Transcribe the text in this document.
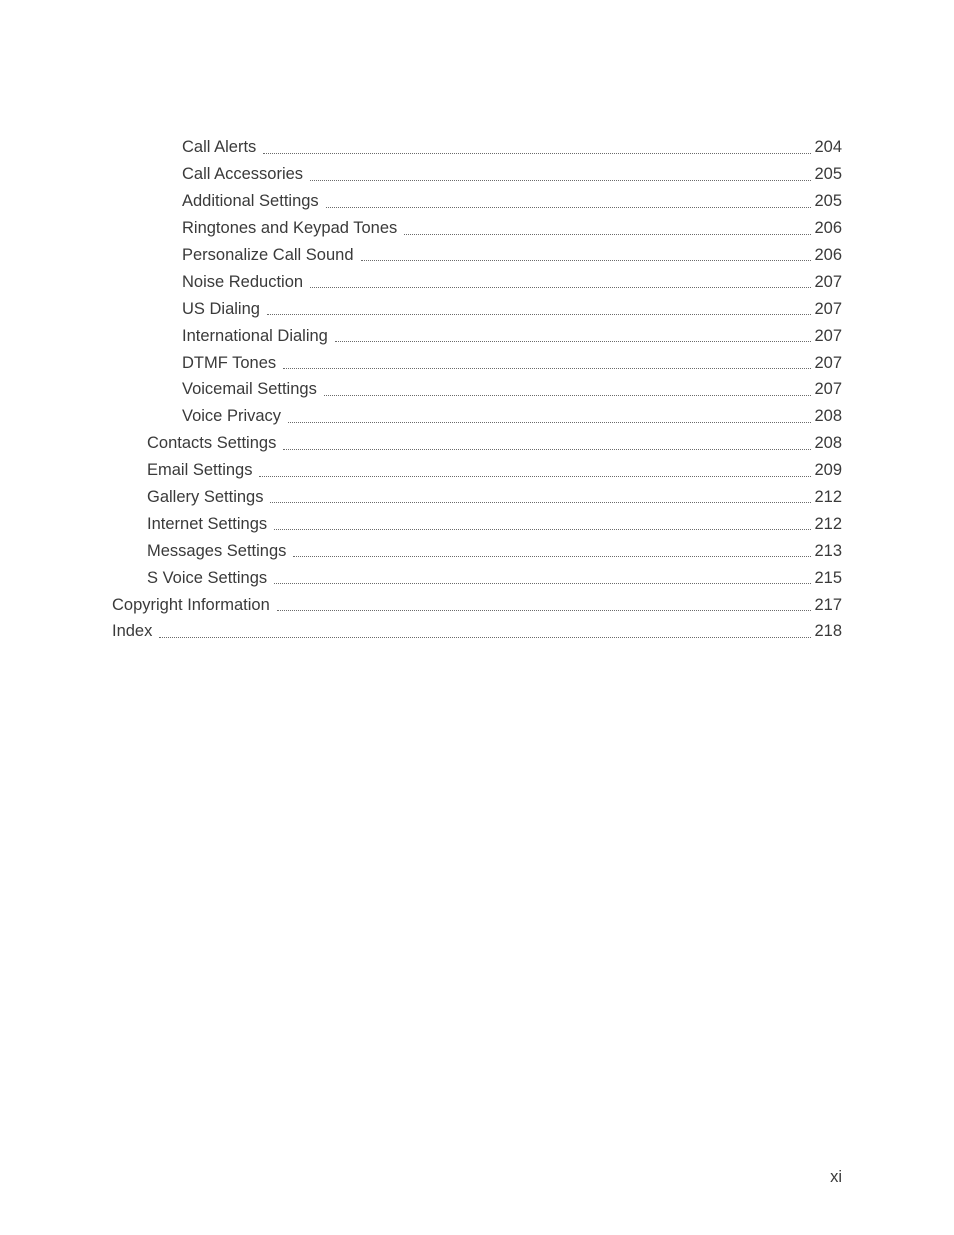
Call Alerts	204
Call Accessories	205
Additional Settings	205
Ringtones and Keypad Tones	206
Personalize Call Sound	206
Noise Reduction	207
US Dialing	207
International Dialing	207
DTMF Tones	207
Voicemail Settings	207
Voice Privacy	208
Contacts Settings	208
Email Settings	209
Gallery Settings	212
Internet Settings	212
Messages Settings	213
S Voice Settings	215
Copyright Information	217
Index	218
xi
